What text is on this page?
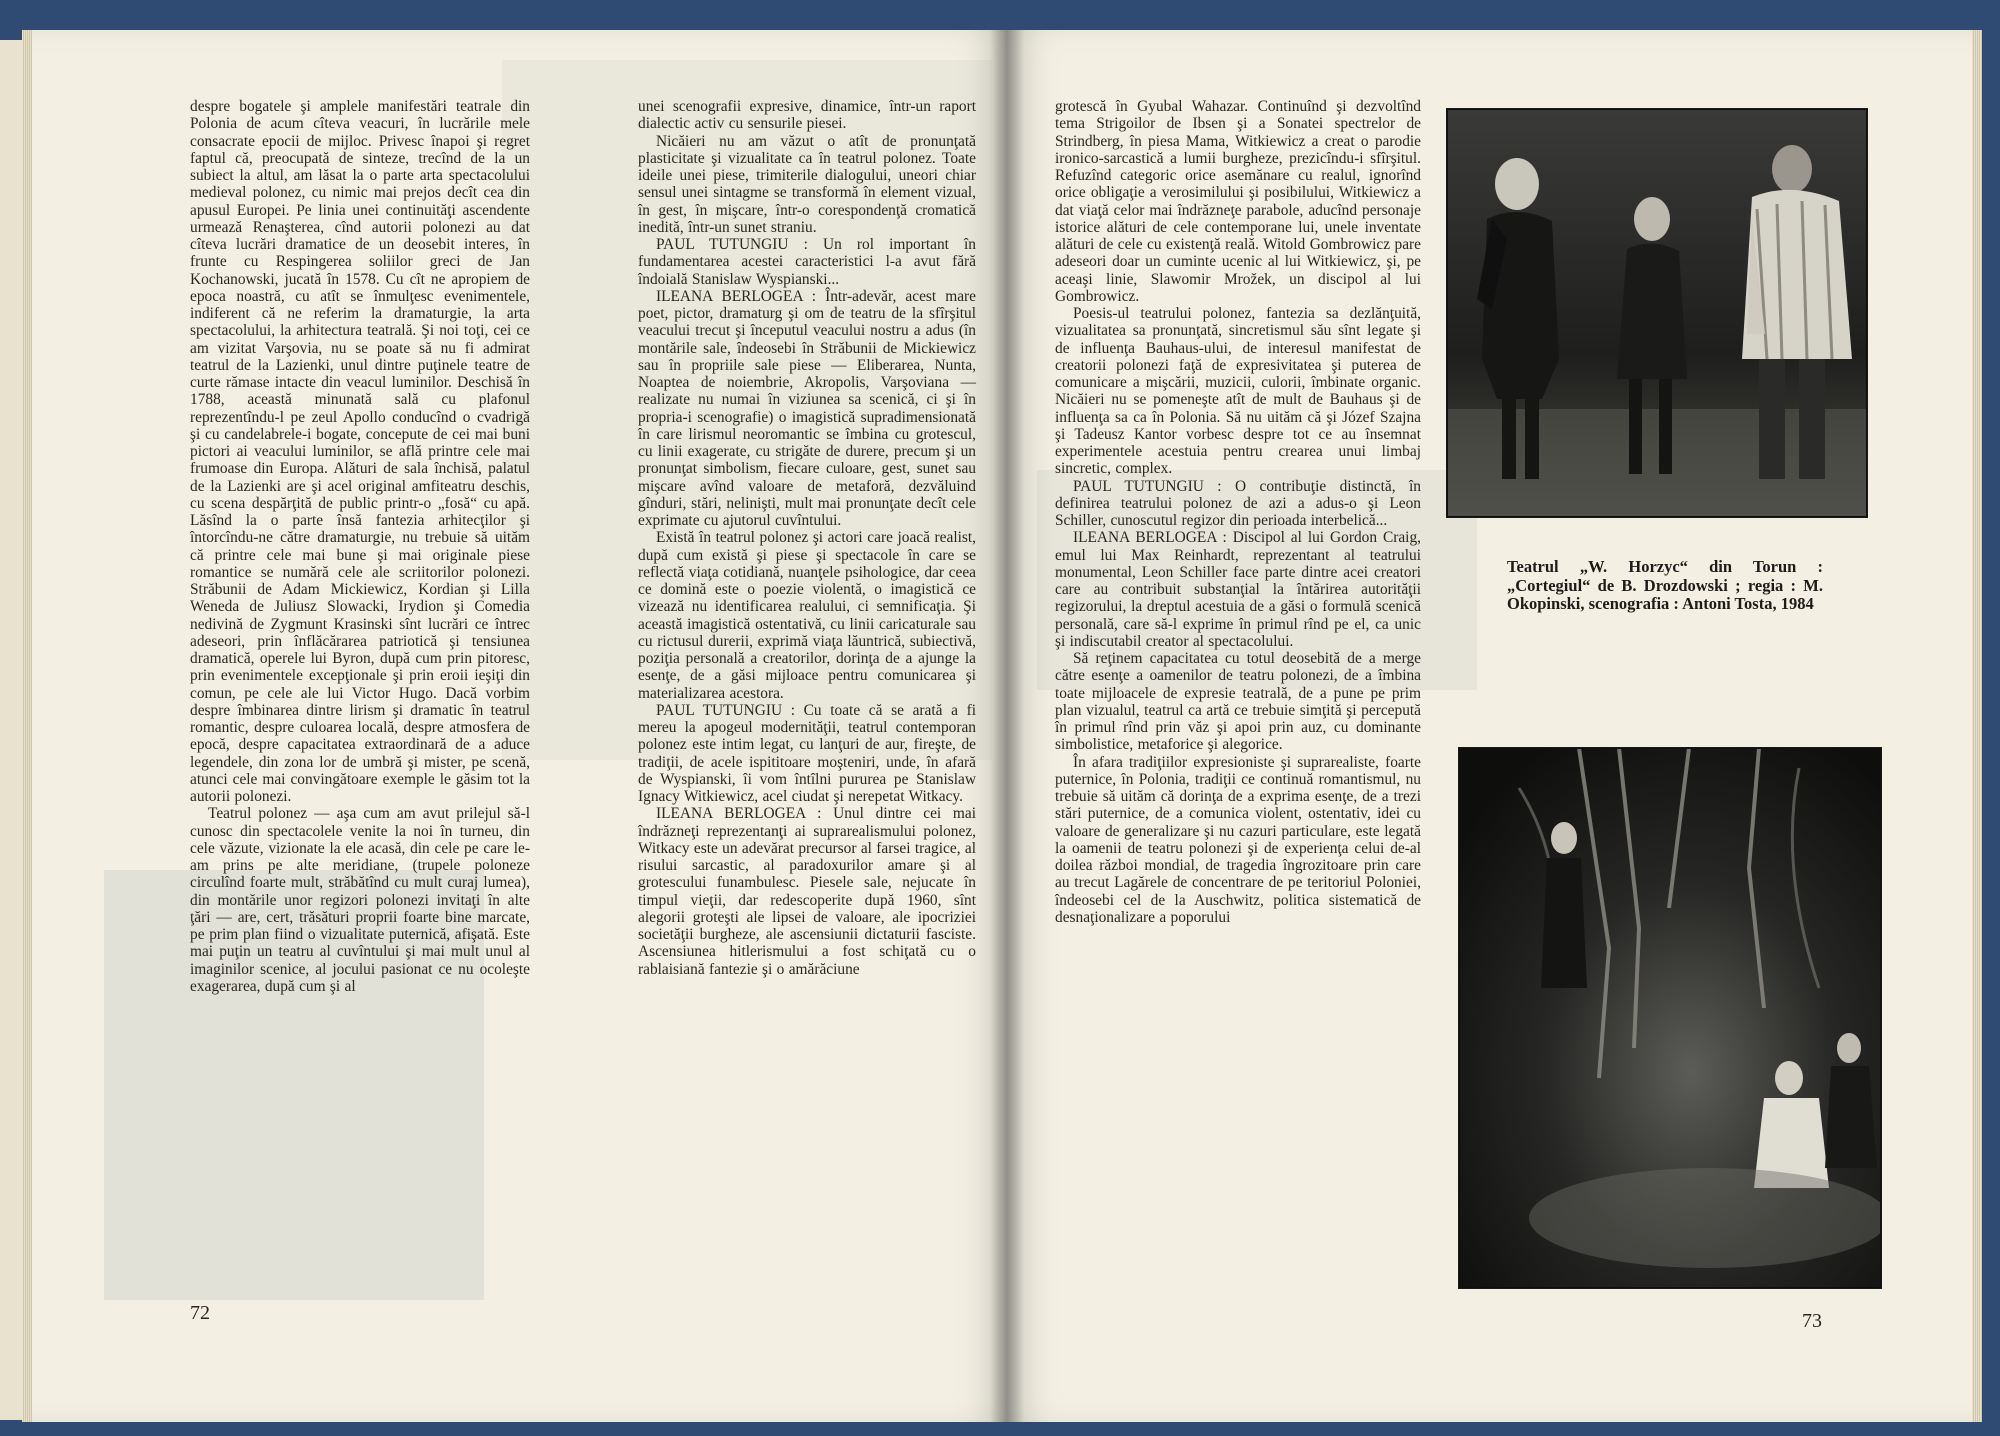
despre bogatele şi amplele manifestări teatrale din Polonia de acum cîteva veacuri, în lucrările mele consacrate epocii de mijloc. Privesc înapoi şi regret faptul că, preocupată de sinteze, trecînd de la un subiect la altul, am lăsat la o parte arta spectacolului medieval polonez, cu nimic mai prejos decît cea din apusul Europei. Pe linia unei continuităţi ascendente urmează Renaşterea, cînd autorii polonezi au dat cîteva lucrări dramatice de un deosebit interes, în frunte cu Respingerea soliilor greci de Jan Kochanowski, jucată în 1578. Cu cît ne apropiem de epoca noastră, cu atît se înmulţesc evenimentele, indiferent că ne referim la dramaturgie, la arta spectacolului, la arhitectura teatrală. Şi noi toţi, cei ce am vizitat Varşovia, nu se poate să nu fi admirat teatrul de la Lazienki, unul dintre puţinele teatre de curte rămase intacte din veacul luminilor. Deschisă în 1788, această minunată sală cu plafonul reprezentîndu-l pe zeul Apollo conducînd o cvadrigă şi cu candelabrele-i bogate, concepute de cei mai buni pictori ai veacului luminilor, se află printre cele mai frumoase din Europa. Alături de sala închisă, palatul de la Lazienki are şi acel original amfiteatru deschis, cu scena despărţită de public printr-o „fosă“ cu apă. Lăsînd la o parte însă fantezia arhitecţilor şi întorcîndu-ne către dramaturgie, nu trebuie să uităm că printre cele mai bune şi mai originale piese romantice se numără cele ale scriitorilor polonezi. Străbunii de Adam Mickiewicz, Kordian şi Lilla Weneda de Juliusz Slowacki, Irydion şi Comedia nedivină de Zygmunt Krasinski sînt lucrări ce întrec adeseori, prin înflăcărarea patriotică şi tensiunea dramatică, operele lui Byron, după cum prin pitoresc, prin evenimentele excepţionale şi prin eroii ieşiţi din comun, pe cele ale lui Victor Hugo. Dacă vorbim despre îmbinarea dintre lirism şi dramatic în teatrul romantic, despre culoarea locală, despre atmosfera de epocă, despre capacitatea extraordinară de a aduce legendele, din zona lor de umbră şi mister, pe scenă, atunci cele mai convingătoare exemple le găsim tot la autorii polonezi.

Teatrul polonez — aşa cum am avut prilejul să-l cunosc din spectacolele venite la noi în turneu, din cele văzute, vizionate la ele acasă, din cele pe care le-am prins pe alte meridiane, (trupele poloneze circulînd foarte mult, străbătînd cu mult curaj lumea), din montările unor regizori polonezi invitaţi în alte ţări — are, cert, trăsături proprii foarte bine marcate, pe prim plan fiind o vizualitate puternică, afişată. Este mai puţin un teatru al cuvîntului şi mai mult unul al imaginilor scenice, al jocului pasionat ce nu ocoleşte exagerarea, după cum şi al

unei scenografii expresive, dinamice, într-un raport dialectic activ cu sensurile piesei.

Nicăieri nu am văzut o atît de pronunţată plasticitate şi vizualitate ca în teatrul polonez. Toate ideile unei piese, trimiterile dialogului, uneori chiar sensul unei sintagme se transformă în element vizual, în gest, în mişcare, într-o corespondenţă cromatică inedită, într-un sunet straniu.

PAUL TUTUNGIU : Un rol important în fundamentarea acestei caracteristici l-a avut fără îndoială Stanislaw Wyspianski...

ILEANA BERLOGEA : Într-adevăr, acest mare poet, pictor, dramaturg şi om de teatru de la sfîrşitul veacului trecut şi începutul veacului nostru a adus (în montările sale, îndeosebi în Străbunii de Mickiewicz sau în propriile sale piese — Eliberarea, Nunta, Noaptea de noiembrie, Akropolis, Varşoviana — realizate nu numai în viziunea sa scenică, ci şi în propria-i scenografie) o imagistică supradimensionată în care lirismul neoromantic se îmbina cu grotescul, cu linii exagerate, cu strigăte de durere, precum şi un pronunţat simbolism, fiecare culoare, gest, sunet sau mişcare avînd valoare de metaforă, dezvăluind gînduri, stări, nelinişti, mult mai pronunţate decît cele exprimate cu ajutorul cuvîntului.

Există în teatrul polonez şi actori care joacă realist, după cum există şi piese şi spectacole în care se reflectă viaţa cotidiană, nuanţele psihologice, dar ceea ce domină este o poezie violentă, o imagistică ce vizează nu identificarea realului, ci semnificaţia. Şi această imagistică ostentativă, cu linii caricaturale sau cu rictusul durerii, exprimă viaţa lăuntrică, subiectivă, poziţia personală a creatorilor, dorinţa de a ajunge la esenţe, de a găsi mijloace pentru comunicarea şi materializarea acestora.

PAUL TUTUNGIU : Cu toate că se arată a fi mereu la apogeul modernităţii, teatrul contemporan polonez este intim legat, cu lanţuri de aur, fireşte, de tradiţii, de acele ispititoare moşteniri, unde, în afară de Wyspianski, îi vom întîlni pururea pe Stanislaw Ignacy Witkiewicz, acel ciudat şi nerepetat Witkacy.

ILEANA BERLOGEA : Unul dintre cei mai îndrăzneţi reprezentanţi ai suprarealismului polonez, Witkacy este un adevărat precursor al farsei tragice, al risului sarcastic, al paradoxurilor amare şi al grotescului funambulesc. Piesele sale, nejucate în timpul vieţii, dar redescoperite după 1960, sînt alegorii groteşti ale lipsei de valoare, ale ipocriziei societăţii burgheze, ale ascensiunii dictaturii fasciste. Ascensiunea hitlerismului a fost schiţată cu o rablaisiană fantezie şi o amărăciune

grotescă în Gyubal Wahazar. Continuînd şi dezvoltînd tema Strigoilor de Ibsen şi a Sonatei spectrelor de Strindberg, în piesa Mama, Witkiewicz a creat o parodie ironico-sarcastică a lumii burgheze, prezicîndu-i sfîrşitul. Refuzînd categoric orice asemănare cu realul, ignorînd orice obligaţie a verosimilului şi posibilului, Witkiewicz a dat viaţă celor mai îndrăzneţe parabole, aducînd personaje istorice alături de cele contemporane lui, unele inventate alături de cele cu existenţă reală. Witold Gombrowicz pare adeseori doar un cuminte ucenic al lui Witkiewicz, şi, pe aceaşi linie, Slawomir Mrožek, un discipol al lui Gombrowicz.

Poesis-ul teatrului polonez, fantezia sa dezlănţuită, vizualitatea sa pronunţată, sincretismul său sînt legate şi de influenţa Bauhaus-ului, de interesul manifestat de creatorii polonezi faţă de expresivitatea şi puterea de comunicare a mişcării, muzicii, culorii, îmbinate organic. Nicăieri nu se pomeneşte atît de mult de Bauhaus şi de influenţa sa ca în Polonia. Să nu uităm că şi Józef Szajna şi Tadeusz Kantor vorbesc despre tot ce au însemnat experimentele acestuia pentru crearea unui limbaj sincretic, complex.

PAUL TUTUNGIU : O contribuţie distinctă, în definirea teatrului polonez de azi a adus-o şi Leon Schiller, cunoscutul regizor din perioada interbelică...

ILEANA BERLOGEA : Discipol al lui Gordon Craig, emul lui Max Reinhardt, reprezentant al teatrului monumental, Leon Schiller face parte dintre acei creatori care au contribuit substanţial la întărirea autorităţii regizorului, la dreptul acestuia de a găsi o formulă scenică personală, care să-l exprime în primul rînd pe el, ca unic şi indiscutabil creator al spectacolului.

Să reţinem capacitatea cu totul deosebită de a merge către esenţe a oamenilor de teatru polonezi, de a îmbina toate mijloacele de expresie teatrală, de a pune pe prim plan vizualul, teatrul ca artă ce trebuie simţită şi percepută în primul rînd prin văz şi apoi prin auz, cu dominante simbolistice, metaforice şi alegorice.

În afara tradiţiilor expresioniste şi suprarealiste, foarte puternice, în Polonia, tradiţii ce continuă romantismul, nu trebuie să uităm că dorinţa de a exprima esenţe, de a trezi stări puternice, de a comunica violent, ostentativ, idei cu valoare de generalizare şi nu cazuri particulare, este legată la oamenii de teatru polonezi şi de experienţa celui de-al doilea război mondial, de tragedia îngrozitoare prin care au trecut Lagărele de concentrare de pe teritoriul Poloniei, îndeosebi cel de la Auschwitz, politica sistematică de desnaţionalizare a poporului

Teatrul „W. Horzyc“ din Torun : „Cortegiul“ de B. Drozdowski ; regia : M. Okopinski, scenografia : Antoni Tosta, 1984
72	73
